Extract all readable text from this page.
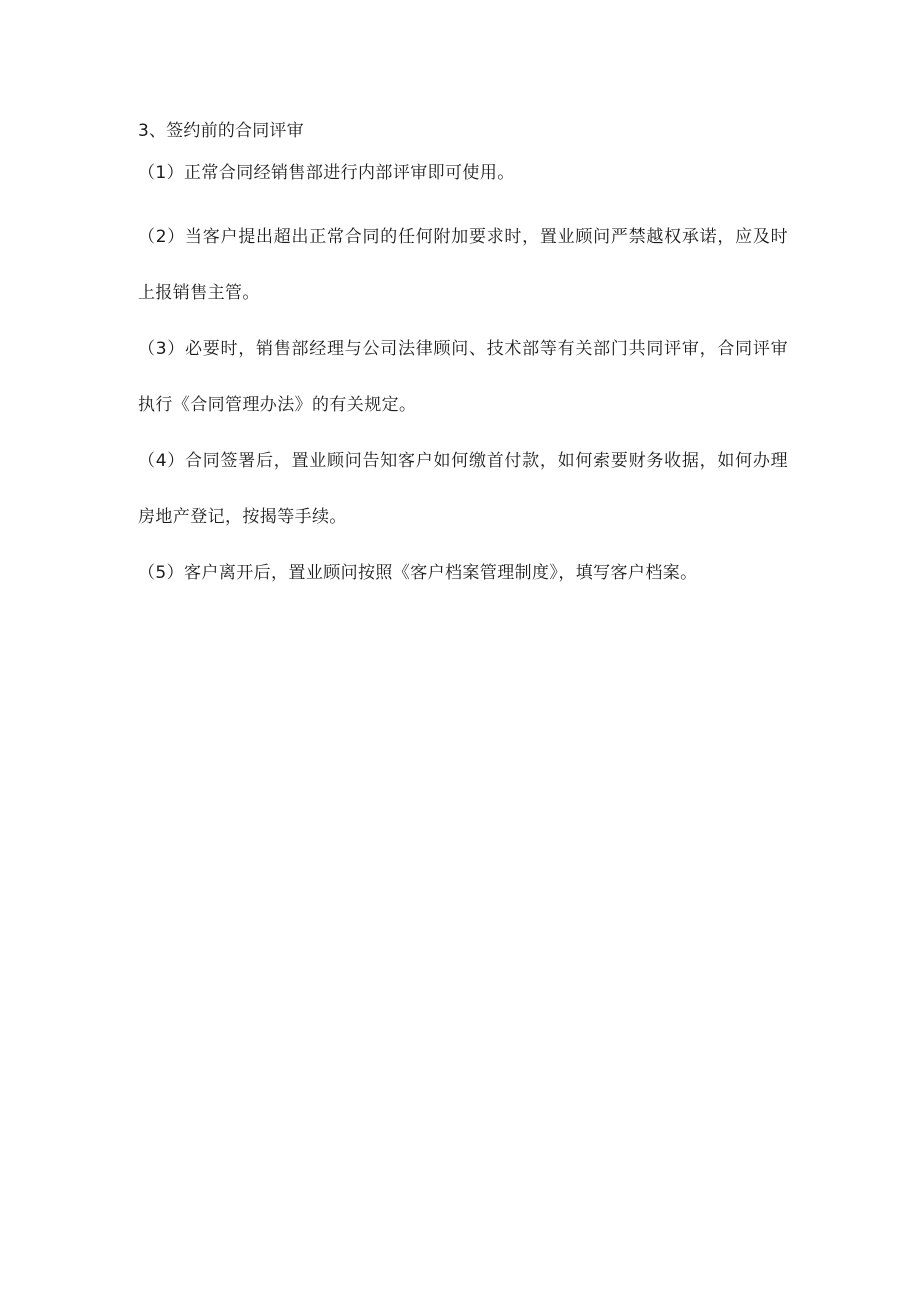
3、签约前的合同评审

（1）正常合同经销售部进行内部评审即可使用。

（2）当客户提出超出正常合同的任何附加要求时，置业顾问严禁越权承诺，应及时上报销售主管。

（3）必要时，销售部经理与公司法律顾问、技术部等有关部门共同评审，合同评审执行《合同管理办法》的有关规定。

（4）合同签署后，置业顾问告知客户如何缴首付款，如何索要财务收据，如何办理房地产登记，按揭等手续。

（5）客户离开后，置业顾问按照《客户档案管理制度》，填写客户档案。
